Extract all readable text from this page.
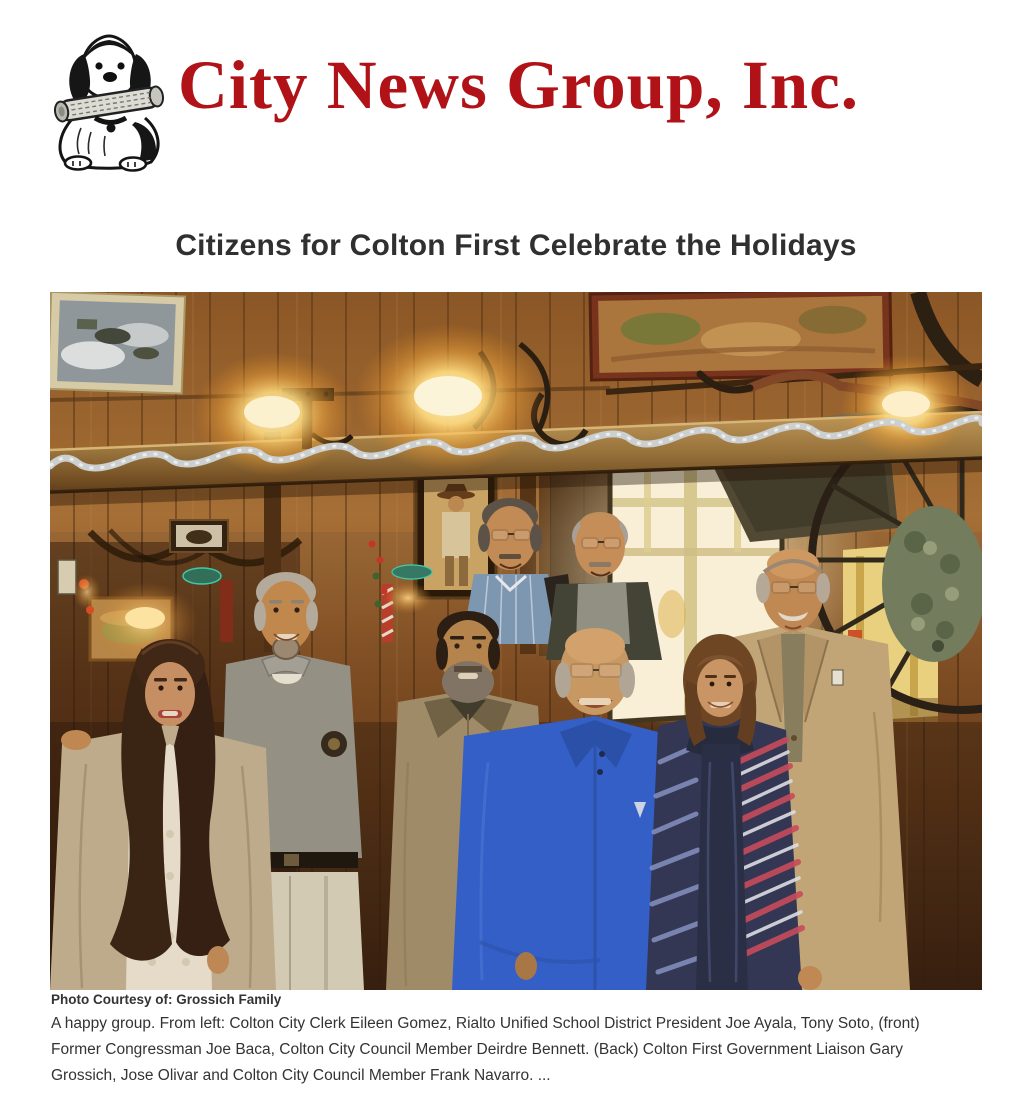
City News Group, Inc.
Citizens for Colton First Celebrate the Holidays
Photo Courtesy of: Grossich Family
A happy group. From left: Colton City Clerk Eileen Gomez, Rialto Unified School District President Joe Ayala, Tony Soto, (front)
Former Congressman Joe Baca, Colton City Council Member Deirdre Bennett. (Back) Colton First Government Liaison Gary
Grossich, Jose Olivar and Colton City Council Member Frank Navarro. ...
